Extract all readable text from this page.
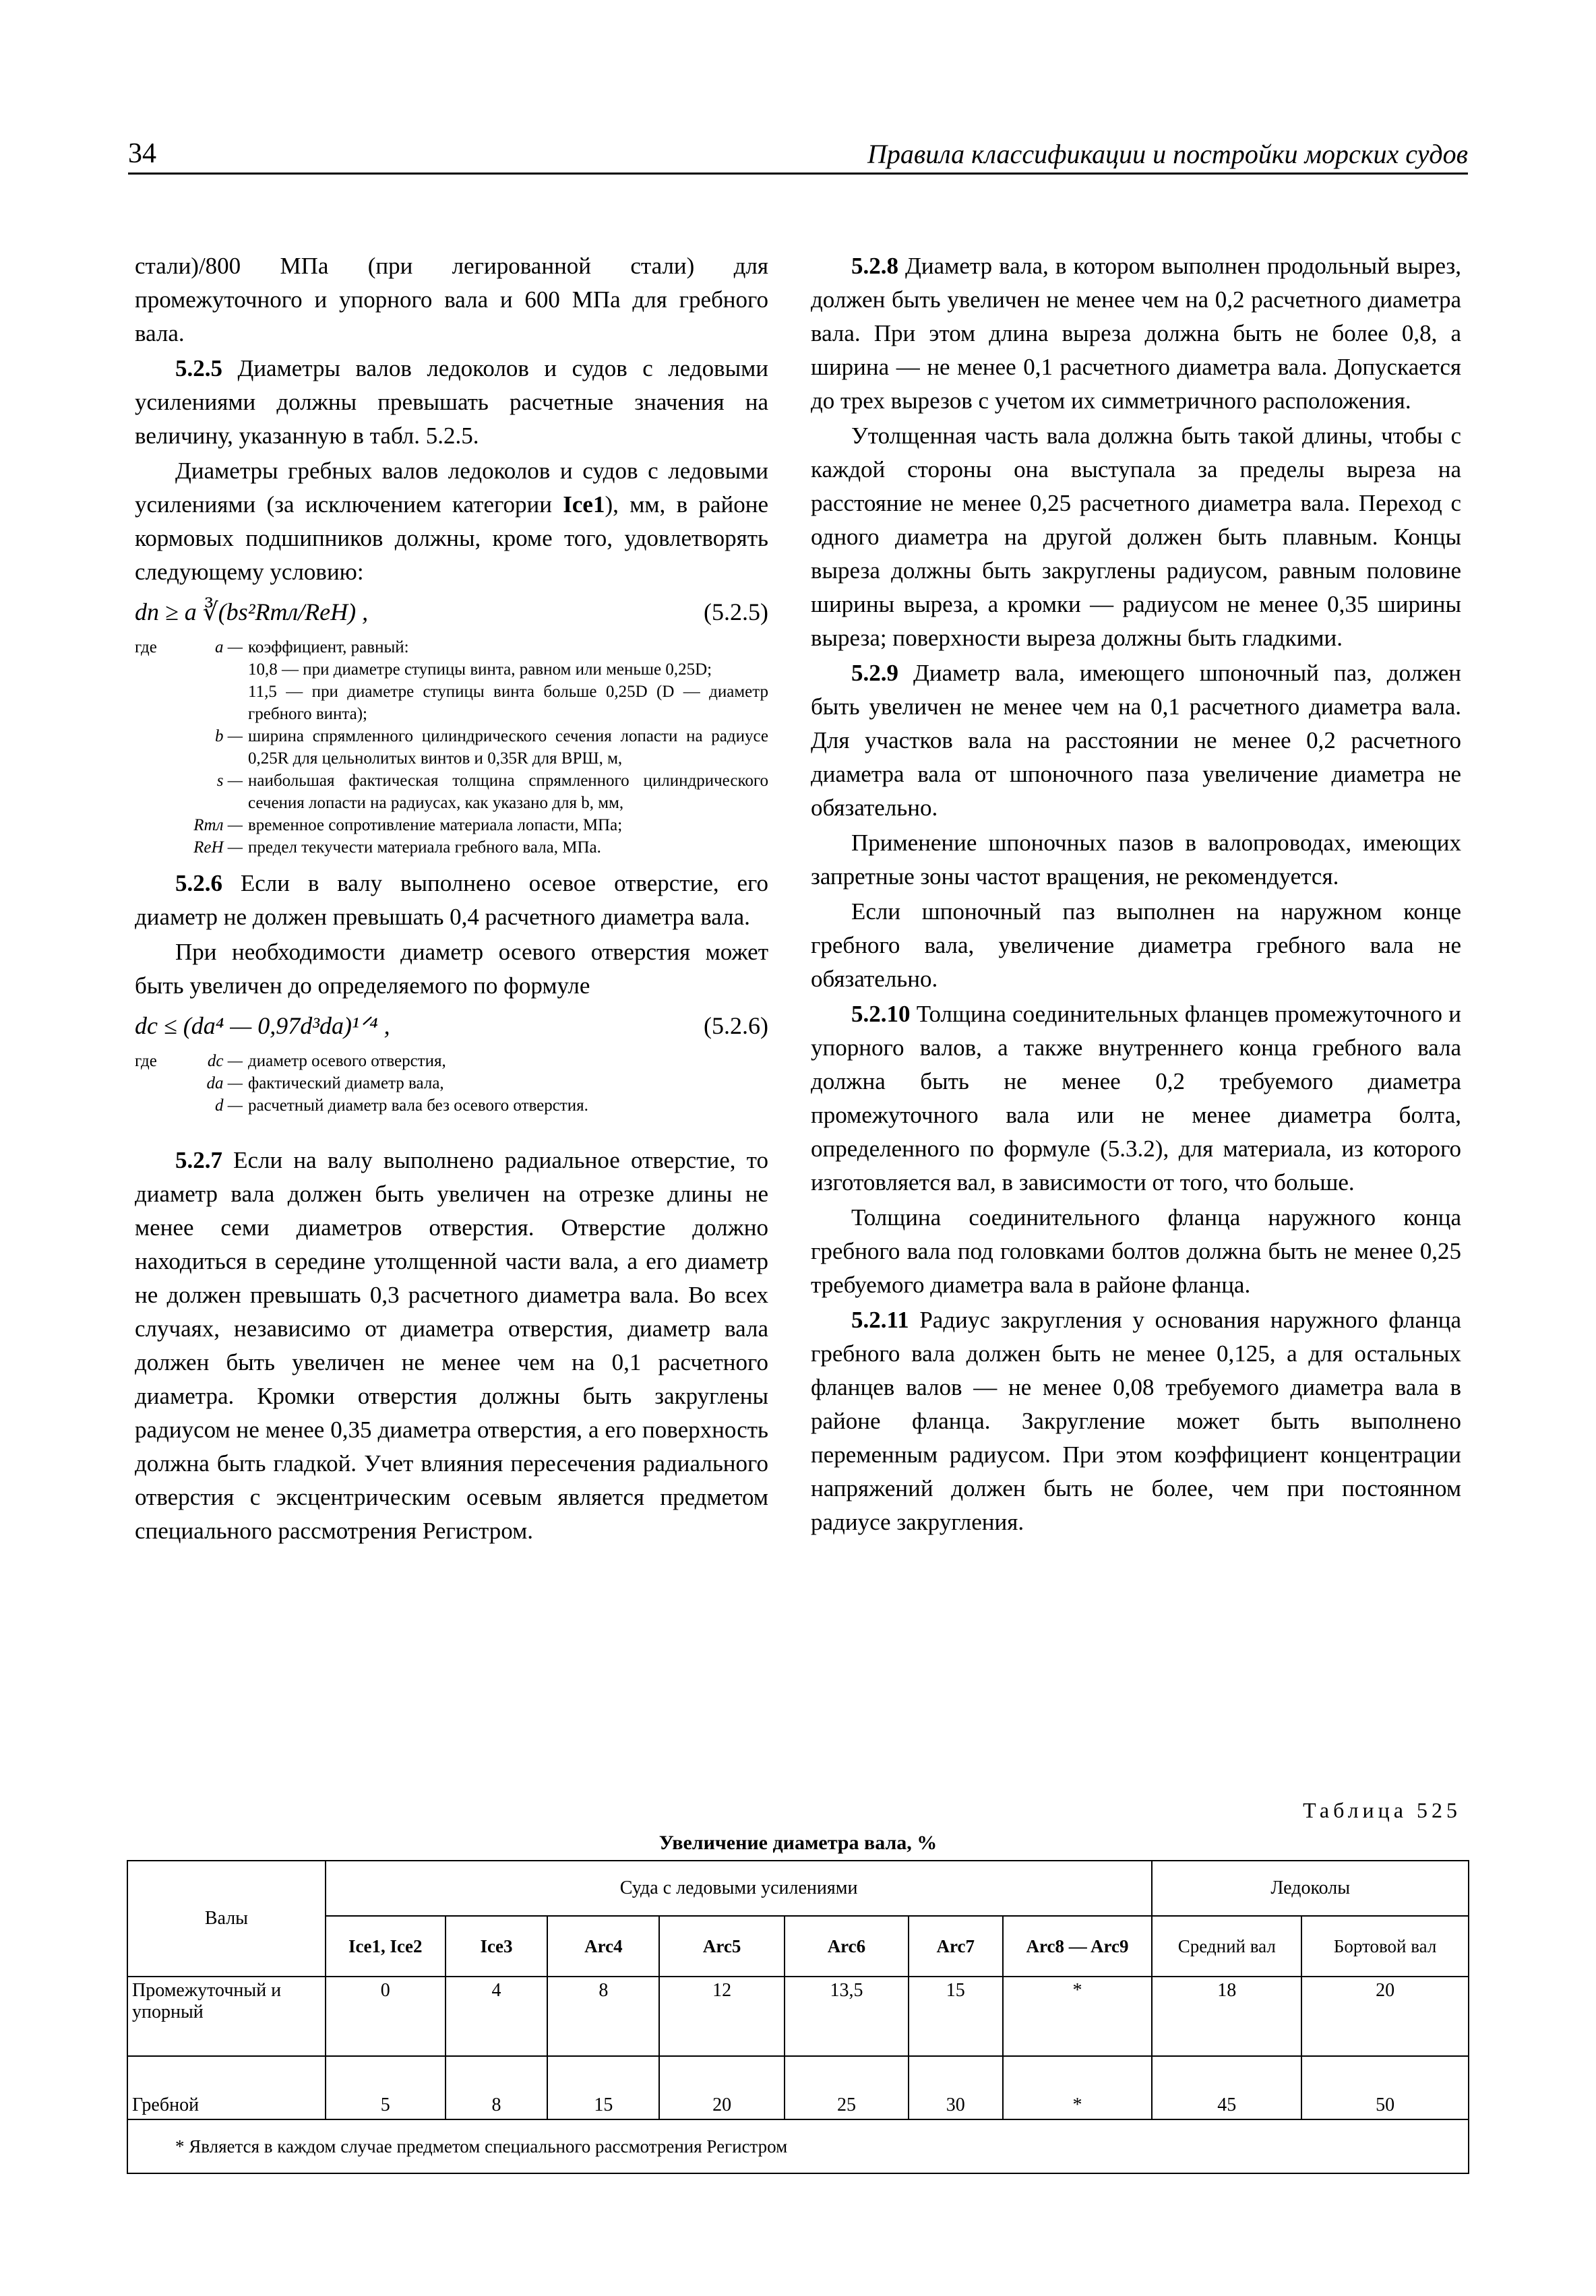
34	Правила классификации и постройки морских судов

стали)/800 МПа (при легированной стали) для промежуточного и упорного вала и 600 МПа для гребного вала.

5.2.5 Диаметры валов ледоколов и судов с ледовыми усилениями должны превышать расчетные значения на величину, указанную в табл. 5.2.5.

Диаметры гребных валов ледоколов и судов с ледовыми усилениями (за исключением категории Ice1), мм, в районе кормовых подшипников должны, кроме того, удовлетворять следующему условию:

dп ≥ a ∛(bs²Rmл/ReH) ,	(5.2.5)
где	a — коэффициент, равный:
10,8 — при диаметре ступицы винта, равном или меньше 0,25D;
11,5 — при диаметре ступицы винта больше 0,25D (D — диаметр гребного винта);
b — ширина спрямленного цилиндрического сечения лопасти на радиусе 0,25R для цельнолитых винтов и 0,35R для ВРШ, м,
s — наибольшая фактическая толщина спрямленного цилиндрического сечения лопасти на радиусах, как указано для b, мм,
Rmл — временное сопротивление материала лопасти, МПа;
ReH — предел текучести материала гребного вала, МПа.

5.2.6 Если в валу выполнено осевое отверстие, его диаметр не должен превышать 0,4 расчетного диаметра вала.

При необходимости диаметр осевого отверстия может быть увеличен до определяемого по формуле

dc ≤ (da⁴ — 0,97d³da)¹ᐟ⁴ ,	(5.2.6)
где	dc — диаметр осевого отверстия,
da — фактический диаметр вала,
d — расчетный диаметр вала без осевого отверстия.

5.2.7 Если на валу выполнено радиальное отверстие, то диаметр вала должен быть увеличен на отрезке длины не менее семи диаметров отверстия. Отверстие должно находиться в середине утолщенной части вала, а его диаметр не должен превышать 0,3 расчетного диаметра вала. Во всех случаях, независимо от диаметра отверстия, диаметр вала должен быть увеличен не менее чем на 0,1 расчетного диаметра. Кромки отверстия должны быть закруглены радиусом не менее 0,35 диаметра отверстия, а его поверхность должна быть гладкой. Учет влияния пересечения радиального отверстия с эксцентрическим осевым является предметом специального рассмотрения Регистром.

5.2.8 Диаметр вала, в котором выполнен продольный вырез, должен быть увеличен не менее чем на 0,2 расчетного диаметра вала. При этом длина выреза должна быть не более 0,8, а ширина — не менее 0,1 расчетного диаметра вала. Допускается до трех вырезов с учетом их симметричного расположения.

Утолщенная часть вала должна быть такой длины, чтобы с каждой стороны она выступала за пределы выреза на расстояние не менее 0,25 расчетного диаметра вала. Переход с одного диаметра на другой должен быть плавным. Концы выреза должны быть закруглены радиусом, равным половине ширины выреза, а кромки — радиусом не менее 0,35 ширины выреза; поверхности выреза должны быть гладкими.

5.2.9 Диаметр вала, имеющего шпоночный паз, должен быть увеличен не менее чем на 0,1 расчетного диаметра вала. Для участков вала на расстоянии не менее 0,2 расчетного диаметра вала от шпоночного паза увеличение диаметра не обязательно.

Применение шпоночных пазов в валопроводах, имеющих запретные зоны частот вращения, не рекомендуется.

Если шпоночный паз выполнен на наружном конце гребного вала, увеличение диаметра гребного вала не обязательно.

5.2.10 Толщина соединительных фланцев промежуточного и упорного валов, а также внутреннего конца гребного вала должна быть не менее 0,2 требуемого диаметра промежуточного вала или не менее диаметра болта, определенного по формуле (5.3.2), для материала, из которого изготовляется вал, в зависимости от того, что больше.

Толщина соединительного фланца наружного конца гребного вала под головками болтов должна быть не менее 0,25 требуемого диаметра вала в районе фланца.

5.2.11 Радиус закругления у основания наружного фланца гребного вала должен быть не менее 0,125, а для остальных фланцев валов — не менее 0,08 требуемого диаметра вала в районе фланца. Закругление может быть выполнено переменным радиусом. При этом коэффициент концентрации напряжений должен быть не более, чем при постоянном радиусе закругления.

Таблица 525
Увеличение диаметра вала, %
Валы	Суда с ледовыми усилениями							Ледоколы	
	Ice1, Ice2	Ice3	Arc4	Arc5	Arc6	Arc7	Arc8 — Arc9	Средний вал	Бортовой вал
Промежуточный и упорный	0	4	8	12	13,5	15	*	18	20
Гребной	5	8	15	20	25	30	*	45	50
* Является в каждом случае предметом специального рассмотрения Регистром									
